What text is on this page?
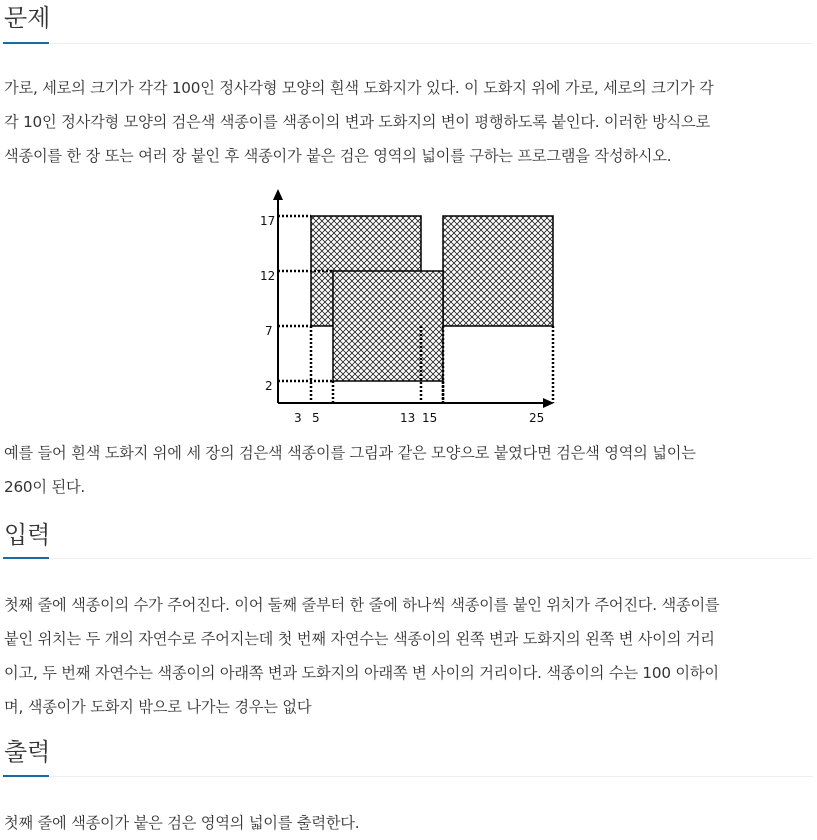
문제

가로, 세로의 크기가 각각 100인 정사각형 모양의 흰색 도화지가 있다. 이 도화지 위에 가로, 세로의 크기가 각
각 10인 정사각형 모양의 검은색 색종이를 색종이의 변과 도화지의 변이 평행하도록 붙인다. 이러한 방식으로
색종이를 한 장 또는 여러 장 붙인 후 색종이가 붙은 검은 영역의 넓이를 구하는 프로그램을 작성하시오.

17
12
7
2
3 5	13 15	25

예를 들어 흰색 도화지 위에 세 장의 검은색 색종이를 그림과 같은 모양으로 붙였다면 검은색 영역의 넓이는
260이 된다.

입력

첫째 줄에 색종이의 수가 주어진다. 이어 둘째 줄부터 한 줄에 하나씩 색종이를 붙인 위치가 주어진다. 색종이를
붙인 위치는 두 개의 자연수로 주어지는데 첫 번째 자연수는 색종이의 왼쪽 변과 도화지의 왼쪽 변 사이의 거리
이고, 두 번째 자연수는 색종이의 아래쪽 변과 도화지의 아래쪽 변 사이의 거리이다. 색종이의 수는 100 이하이
며, 색종이가 도화지 밖으로 나가는 경우는 없다

출력

첫째 줄에 색종이가 붙은 검은 영역의 넓이를 출력한다.
